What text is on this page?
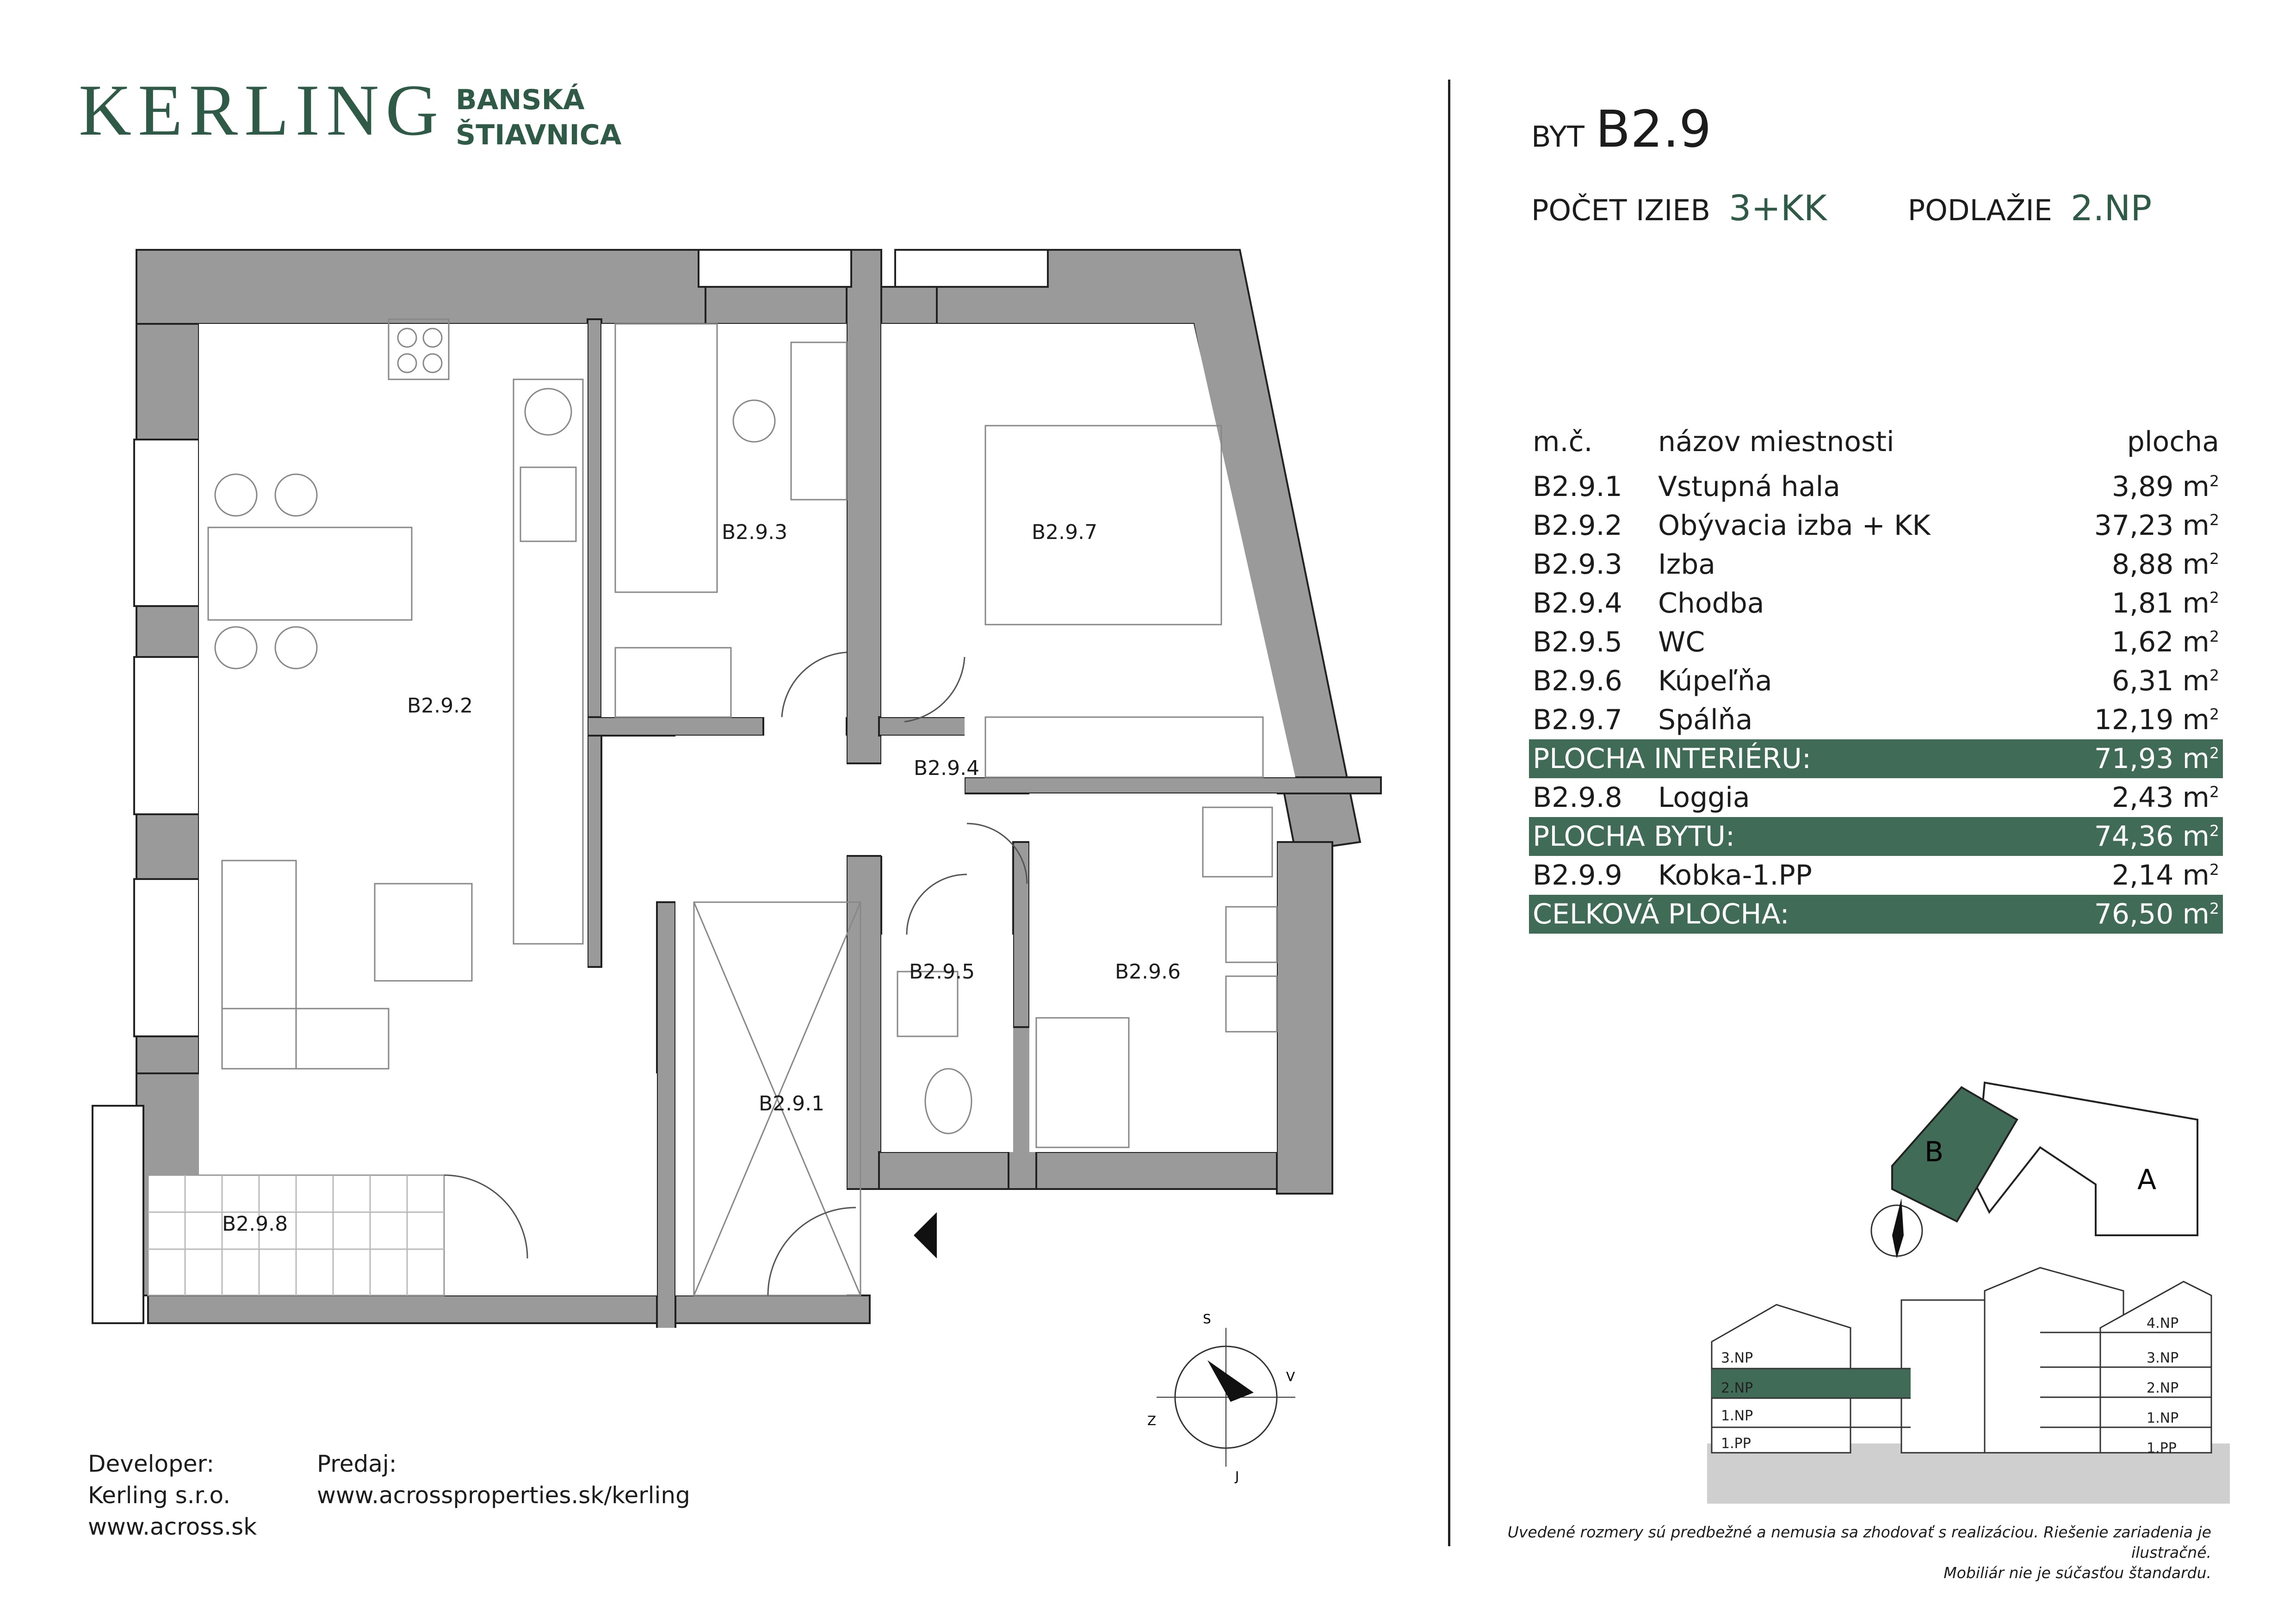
KERLING BANSKÁ
ŠTIAVNICA	BYT B2.9
POČET IZIEB 3+KK	PODLAŽIE 2.NP
m.č.	názov miestnosti	plocha
B2.9.1	Vstupná hala	3,89 $m^2$
B2.9.2	Obývacia izba + KK	37,23 $m^2$
B2.9.3	Izba	8,88 $m^2$
B2.9.4	Chodba	1,81 $m^2$
B2.9.5	WC	1,62 $m^2$
B2.9.6	Kúpeľňa	6,31 $m^2$
B2.9.7	Spálňa	12,19 $m^2$
PLOCHA INTERIÉRU:		71,93 $m^2$
B2.9.8	Loggia	2,43 $m^2$
PLOCHA BYTU:		74,36 $m^2$
B2.9.9	Kobka-1.PP	2,14 $m^2$
CELKOVÁ PLOCHA:		76,50 $m^2$
B2.9.2
B2.9.3	B2.9.7
B2.9.4
B2.9.5	B2.9.6
B2.9.1
B2.9.8
S
V
J
Z
B
A
3.NP
2.NP
1.NP
1.PP
4.NP
3.NP
2.NP
1.NP
1.PP
Developer:
Kerling s.r.o.
www.across.sk
Predaj:
www.acrossproperties.sk/kerling
Uvedené rozmery sú predbežné a nemusia sa zhodovať s realizáciou. Riešenie zariadenia je ilustračné.
Mobiliár nie je súčasťou štandardu.
